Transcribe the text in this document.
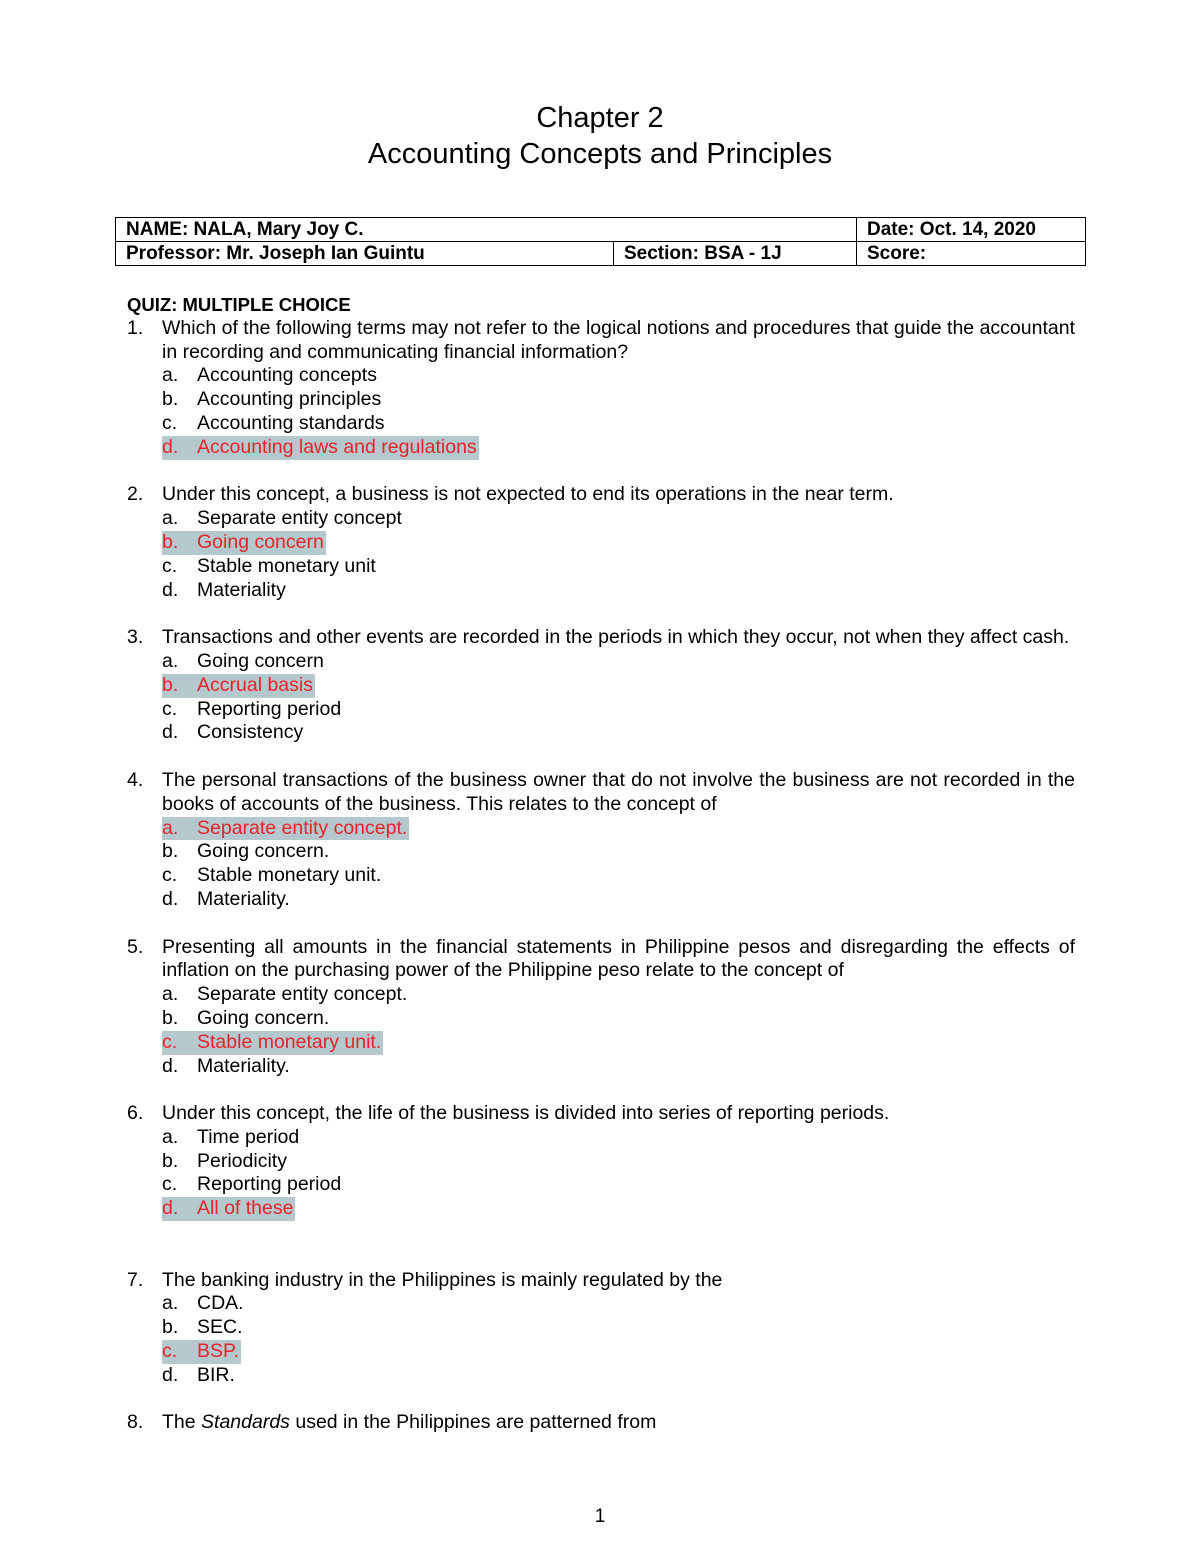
Chapter 2
Accounting Concepts and Principles
NAME: NALA, Mary Joy C.		Date: Oct. 14, 2020
Professor: Mr. Joseph Ian Guintu	Section: BSA - 1J	Score:
QUIZ: MULTIPLE CHOICE
1. Which of the following terms may not refer to the logical notions and procedures that guide the accountant in recording and communicating financial information?
a. Accounting concepts
b. Accounting principles
c. Accounting standards
d. Accounting laws and regulations
2. Under this concept, a business is not expected to end its operations in the near term.
a. Separate entity concept
b. Going concern
c. Stable monetary unit
d. Materiality
3. Transactions and other events are recorded in the periods in which they occur, not when they affect cash.
a. Going concern
b. Accrual basis
c. Reporting period
d. Consistency
4. The personal transactions of the business owner that do not involve the business are not recorded in the books of accounts of the business. This relates to the concept of
a. Separate entity concept.
b. Going concern.
c. Stable monetary unit.
d. Materiality.
5. Presenting all amounts in the financial statements in Philippine pesos and disregarding the effects of inflation on the purchasing power of the Philippine peso relate to the concept of
a. Separate entity concept.
b. Going concern.
c. Stable monetary unit.
d. Materiality.
6. Under this concept, the life of the business is divided into series of reporting periods.
a. Time period
b. Periodicity
c. Reporting period
d. All of these
7. The banking industry in the Philippines is mainly regulated by the
a. CDA.
b. SEC.
c. BSP.
d. BIR.
8. The Standards used in the Philippines are patterned from
1
